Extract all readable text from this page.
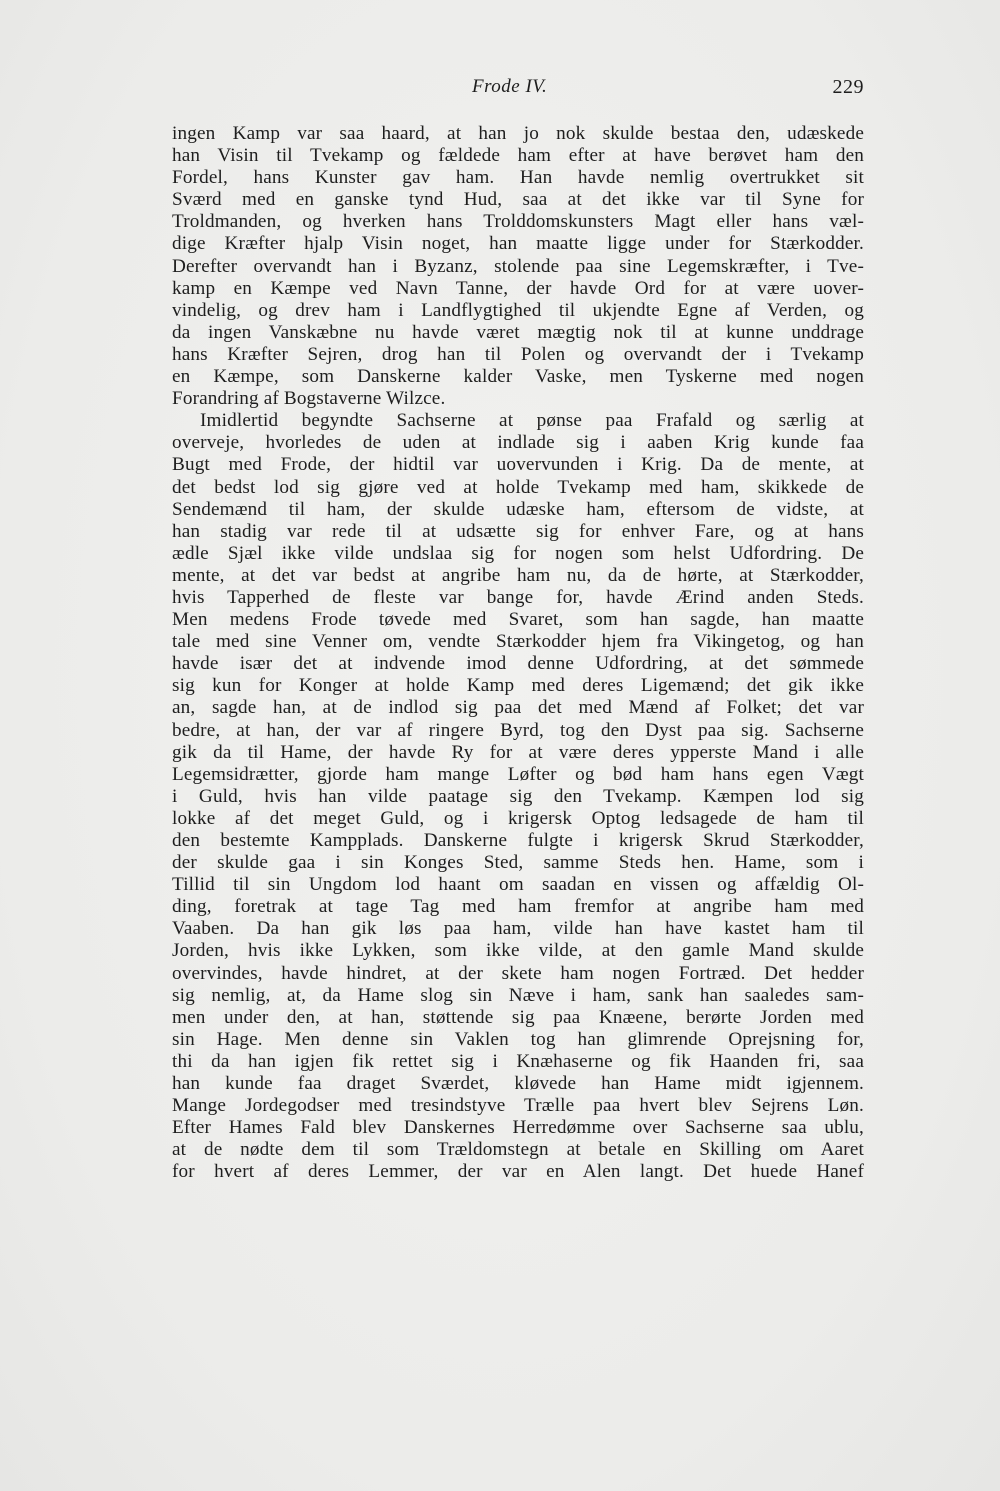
Frode IV.	229
ingen Kamp var saa haard, at han jo nok skulde bestaa den, udæskede
han Visin til Tvekamp og fældede ham efter at have berøvet ham den
Fordel, hans Kunster gav ham. Han havde nemlig overtrukket sit
Sværd med en ganske tynd Hud, saa at det ikke var til Syne for
Troldmanden, og hverken hans Trolddomskunsters Magt eller hans væl-
dige Kræfter hjalp Visin noget, han maatte ligge under for Stærkodder.
Derefter overvandt han i Byzanz, stolende paa sine Legemskræfter, i Tve-
kamp en Kæmpe ved Navn Tanne, der havde Ord for at være uover-
vindelig, og drev ham i Landflygtighed til ukjendte Egne af Verden, og
da ingen Vanskæbne nu havde været mægtig nok til at kunne unddrage
hans Kræfter Sejren, drog han til Polen og overvandt der i Tvekamp
en Kæmpe, som Danskerne kalder Vaske, men Tyskerne med nogen
Forandring af Bogstaverne Wilzce.
Imidlertid begyndte Sachserne at pønse paa Frafald og særlig at
overveje, hvorledes de uden at indlade sig i aaben Krig kunde faa
Bugt med Frode, der hidtil var uovervunden i Krig. Da de mente, at
det bedst lod sig gjøre ved at holde Tvekamp med ham, skikkede de
Sendemænd til ham, der skulde udæske ham, eftersom de vidste, at
han stadig var rede til at udsætte sig for enhver Fare, og at hans
ædle Sjæl ikke vilde undslaa sig for nogen som helst Udfordring. De
mente, at det var bedst at angribe ham nu, da de hørte, at Stærkodder,
hvis Tapperhed de fleste var bange for, havde Ærind anden Steds.
Men medens Frode tøvede med Svaret, som han sagde, han maatte
tale med sine Venner om, vendte Stærkodder hjem fra Vikingetog, og han
havde især det at indvende imod denne Udfordring, at det sømmede
sig kun for Konger at holde Kamp med deres Ligemænd; det gik ikke
an, sagde han, at de indlod sig paa det med Mænd af Folket; det var
bedre, at han, der var af ringere Byrd, tog den Dyst paa sig. Sachserne
gik da til Hame, der havde Ry for at være deres ypperste Mand i alle
Legemsidrætter, gjorde ham mange Løfter og bød ham hans egen Vægt
i Guld, hvis han vilde paatage sig den Tvekamp. Kæmpen lod sig
lokke af det meget Guld, og i krigersk Optog ledsagede de ham til
den bestemte Kampplads. Danskerne fulgte i krigersk Skrud Stærkodder,
der skulde gaa i sin Konges Sted, samme Steds hen. Hame, som i
Tillid til sin Ungdom lod haant om saadan en vissen og affældig Ol-
ding, foretrak at tage Tag med ham fremfor at angribe ham med
Vaaben. Da han gik løs paa ham, vilde han have kastet ham til
Jorden, hvis ikke Lykken, som ikke vilde, at den gamle Mand skulde
overvindes, havde hindret, at der skete ham nogen Fortræd. Det hedder
sig nemlig, at, da Hame slog sin Næve i ham, sank han saaledes sam-
men under den, at han, støttende sig paa Knæene, berørte Jorden med
sin Hage. Men denne sin Vaklen tog han glimrende Oprejsning for,
thi da han igjen fik rettet sig i Knæhaserne og fik Haanden fri, saa
han kunde faa draget Sværdet, kløvede han Hame midt igjennem.
Mange Jordegodser med tresindstyve Trælle paa hvert blev Sejrens Løn.
Efter Hames Fald blev Danskernes Herredømme over Sachserne saa ublu,
at de nødte dem til som Trældomstegn at betale en Skilling om Aaret
for hvert af deres Lemmer, der var en Alen langt. Det huede Hanef
